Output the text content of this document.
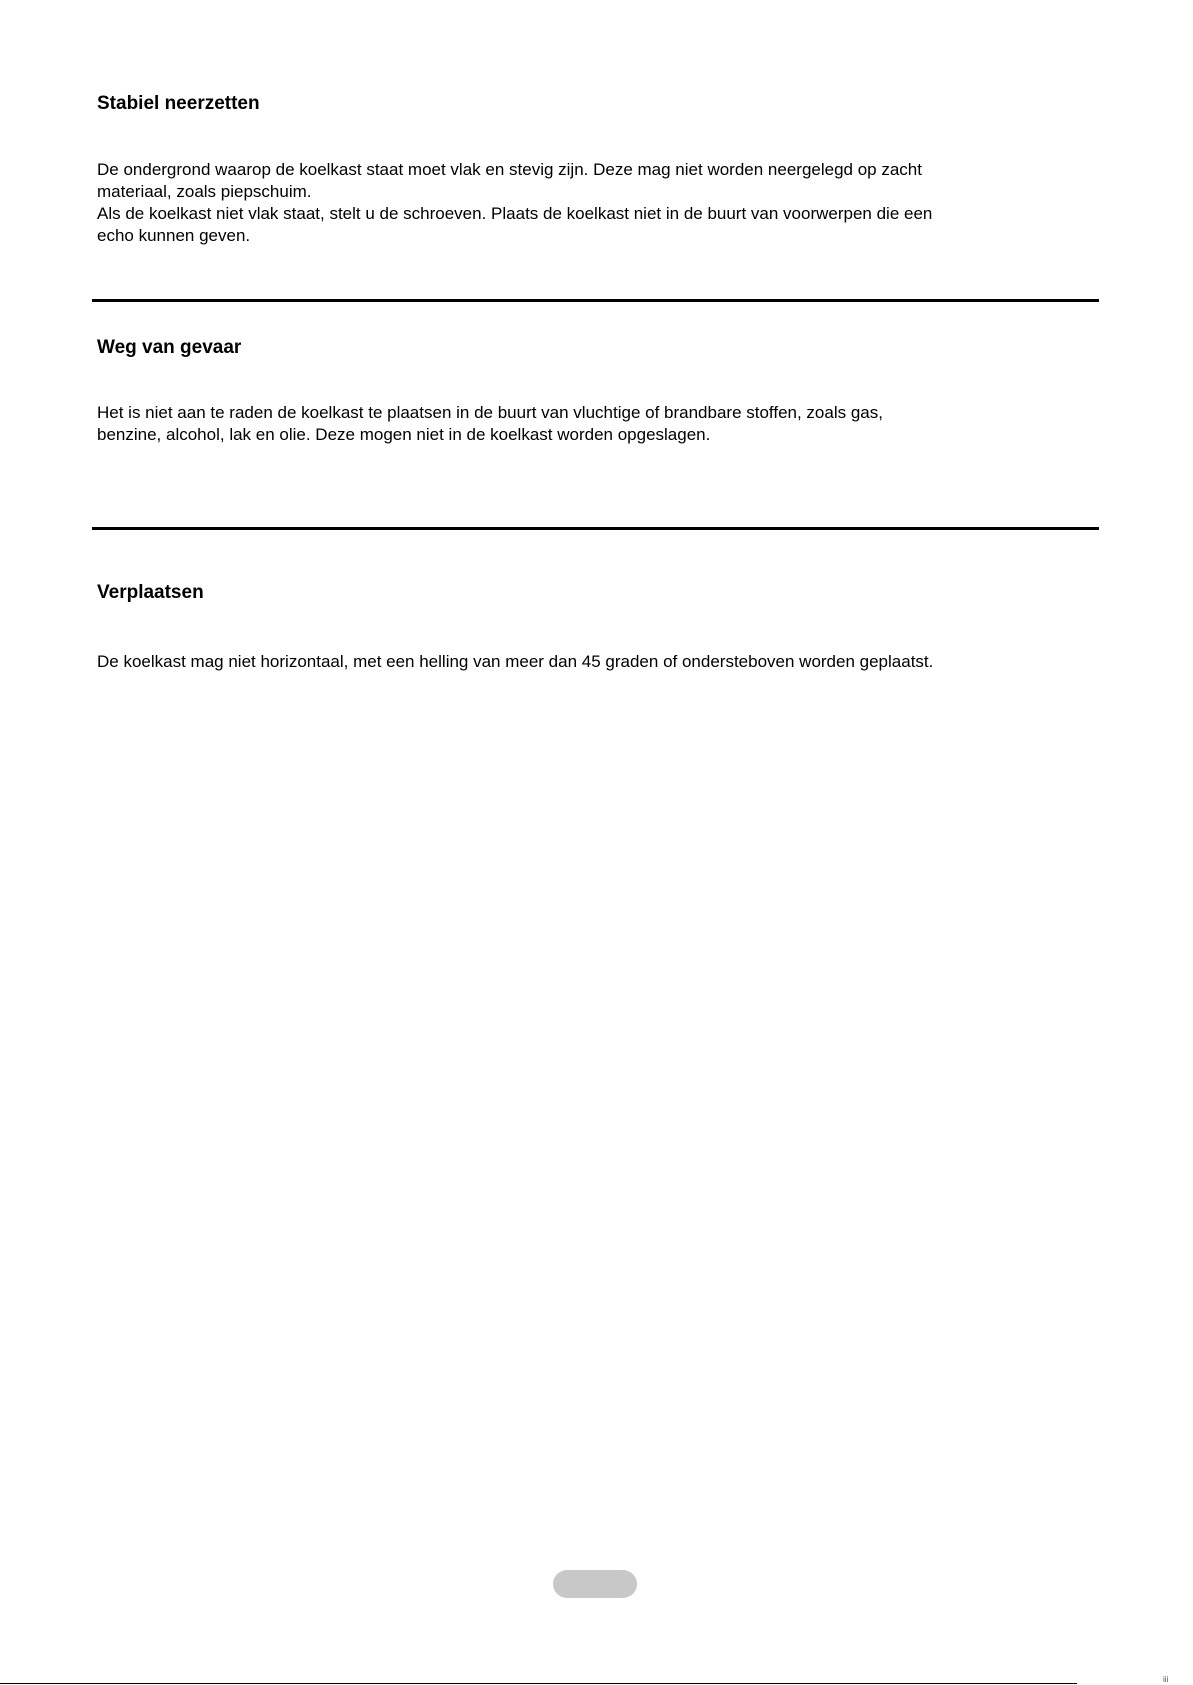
Stabiel neerzetten

De ondergrond waarop de koelkast staat moet vlak en stevig zijn. Deze mag niet worden neergelegd op zacht
materiaal, zoals piepschuim.
Als de koelkast niet vlak staat, stelt u de schroeven. Plaats de koelkast niet in de buurt van voorwerpen die een
echo kunnen geven.

Weg van gevaar

Het is niet aan te raden de koelkast te plaatsen in de buurt van vluchtige of brandbare stoffen, zoals gas,
benzine, alcohol, lak en olie. Deze mogen niet in de koelkast worden opgeslagen.

Verplaatsen

De koelkast mag niet horizontaal, met een helling van meer dan 45 graden of ondersteboven worden geplaatst.

iii
